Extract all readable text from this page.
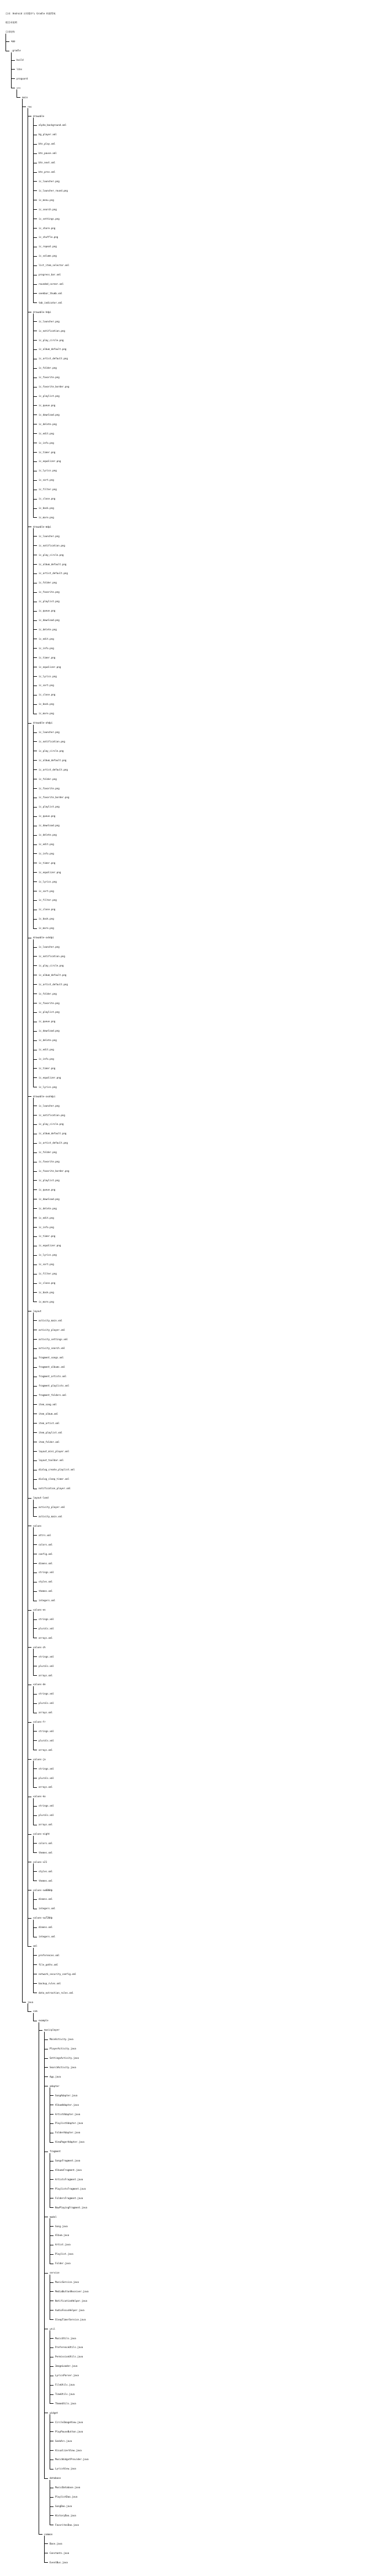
目录：Android 应用程序与 Gradle 构建系统
根目录说明
目录结构
app
.gradle
build
libs
proguard
src
main
res
drawable
alpha_background.xml
bg_player.xml
btn_play.xml
btn_pause.xml
btn_next.xml
btn_prev.xml
ic_launcher.png
ic_launcher_round.png
ic_menu.png
ic_search.png
ic_settings.png
ic_share.png
ic_shuffle.png
ic_repeat.png
ic_volume.png
list_item_selector.xml
progress_bar.xml
rounded_corner.xml
seekbar_thumb.xml
tab_indicator.xml
drawable-hdpi
ic_launcher.png
ic_notification.png
ic_play_circle.png
ic_album_default.png
ic_artist_default.png
ic_folder.png
ic_favorite.png
ic_favorite_border.png
ic_playlist.png
ic_queue.png
ic_download.png
ic_delete.png
ic_edit.png
ic_info.png
ic_timer.png
ic_equalizer.png
ic_lyrics.png
ic_sort.png
ic_filter.png
ic_close.png
ic_back.png
ic_more.png
drawable-mdpi
ic_launcher.png
ic_notification.png
ic_play_circle.png
ic_album_default.png
ic_artist_default.png
ic_folder.png
ic_favorite.png
ic_playlist.png
ic_queue.png
ic_download.png
ic_delete.png
ic_edit.png
ic_info.png
ic_timer.png
ic_equalizer.png
ic_lyrics.png
ic_sort.png
ic_close.png
ic_back.png
ic_more.png
drawable-xhdpi
ic_launcher.png
ic_notification.png
ic_play_circle.png
ic_album_default.png
ic_artist_default.png
ic_folder.png
ic_favorite.png
ic_favorite_border.png
ic_playlist.png
ic_queue.png
ic_download.png
ic_delete.png
ic_edit.png
ic_info.png
ic_timer.png
ic_equalizer.png
ic_lyrics.png
ic_sort.png
ic_filter.png
ic_close.png
ic_back.png
ic_more.png
drawable-xxhdpi
ic_launcher.png
ic_notification.png
ic_play_circle.png
ic_album_default.png
ic_artist_default.png
ic_folder.png
ic_favorite.png
ic_playlist.png
ic_queue.png
ic_download.png
ic_delete.png
ic_edit.png
ic_info.png
ic_timer.png
ic_equalizer.png
ic_lyrics.png
drawable-xxxhdpi
ic_launcher.png
ic_notification.png
ic_play_circle.png
ic_album_default.png
ic_artist_default.png
ic_folder.png
ic_favorite.png
ic_favorite_border.png
ic_playlist.png
ic_queue.png
ic_download.png
ic_delete.png
ic_edit.png
ic_info.png
ic_timer.png
ic_equalizer.png
ic_lyrics.png
ic_sort.png
ic_filter.png
ic_close.png
ic_back.png
ic_more.png
layout
activity_main.xml
activity_player.xml
activity_settings.xml
activity_search.xml
fragment_songs.xml
fragment_albums.xml
fragment_artists.xml
fragment_playlists.xml
fragment_folders.xml
item_song.xml
item_album.xml
item_artist.xml
item_playlist.xml
item_folder.xml
layout_mini_player.xml
layout_toolbar.xml
dialog_create_playlist.xml
dialog_sleep_timer.xml
notification_player.xml
layout-land
activity_player.xml
activity_main.xml
values
attrs.xml
colors.xml
config.xml
dimens.xml
strings.xml
styles.xml
themes.xml
integers.xml
values-en
strings.xml
plurals.xml
arrays.xml
values-zh
strings.xml
plurals.xml
arrays.xml
values-de
strings.xml
plurals.xml
arrays.xml
values-fr
strings.xml
plurals.xml
arrays.xml
values-ja
strings.xml
plurals.xml
arrays.xml
values-ko
strings.xml
plurals.xml
arrays.xml
values-night
colors.xml
themes.xml
values-v21
styles.xml
themes.xml
values-sw600dp
dimens.xml
integers.xml
values-sw720dp
dimens.xml
integers.xml
xml
preferences.xml
file_paths.xml
network_security_config.xml
backup_rules.xml
data_extraction_rules.xml
java
com
example
musicplayer
MainActivity.java
PlayerActivity.java
SettingsActivity.java
SearchActivity.java
App.java
adapter
SongAdapter.java
AlbumAdapter.java
ArtistAdapter.java
PlaylistAdapter.java
FolderAdapter.java
ViewPagerAdapter.java
fragment
SongsFragment.java
AlbumsFragment.java
ArtistsFragment.java
PlaylistsFragment.java
FoldersFragment.java
NowPlayingFragment.java
model
Song.java
Album.java
Artist.java
Playlist.java
Folder.java
service
MusicService.java
MediaButtonReceiver.java
NotificationHelper.java
AudioFocusHelper.java
SleepTimerService.java
util
MusicUtils.java
PreferenceUtils.java
PermissionUtils.java
ImageLoader.java
LyricsParser.java
FileUtils.java
TimeUtils.java
ThemeUtils.java
widget
CircleImageView.java
PlayPauseButton.java
SeekArc.java
VisualizerView.java
MusicWidgetProvider.java
LyricsView.java
database
MusicDatabase.java
PlaylistDao.java
SongDao.java
HistoryDao.java
FavoritesDao.java
common
Base.java
Constants.java
EventBus.java
